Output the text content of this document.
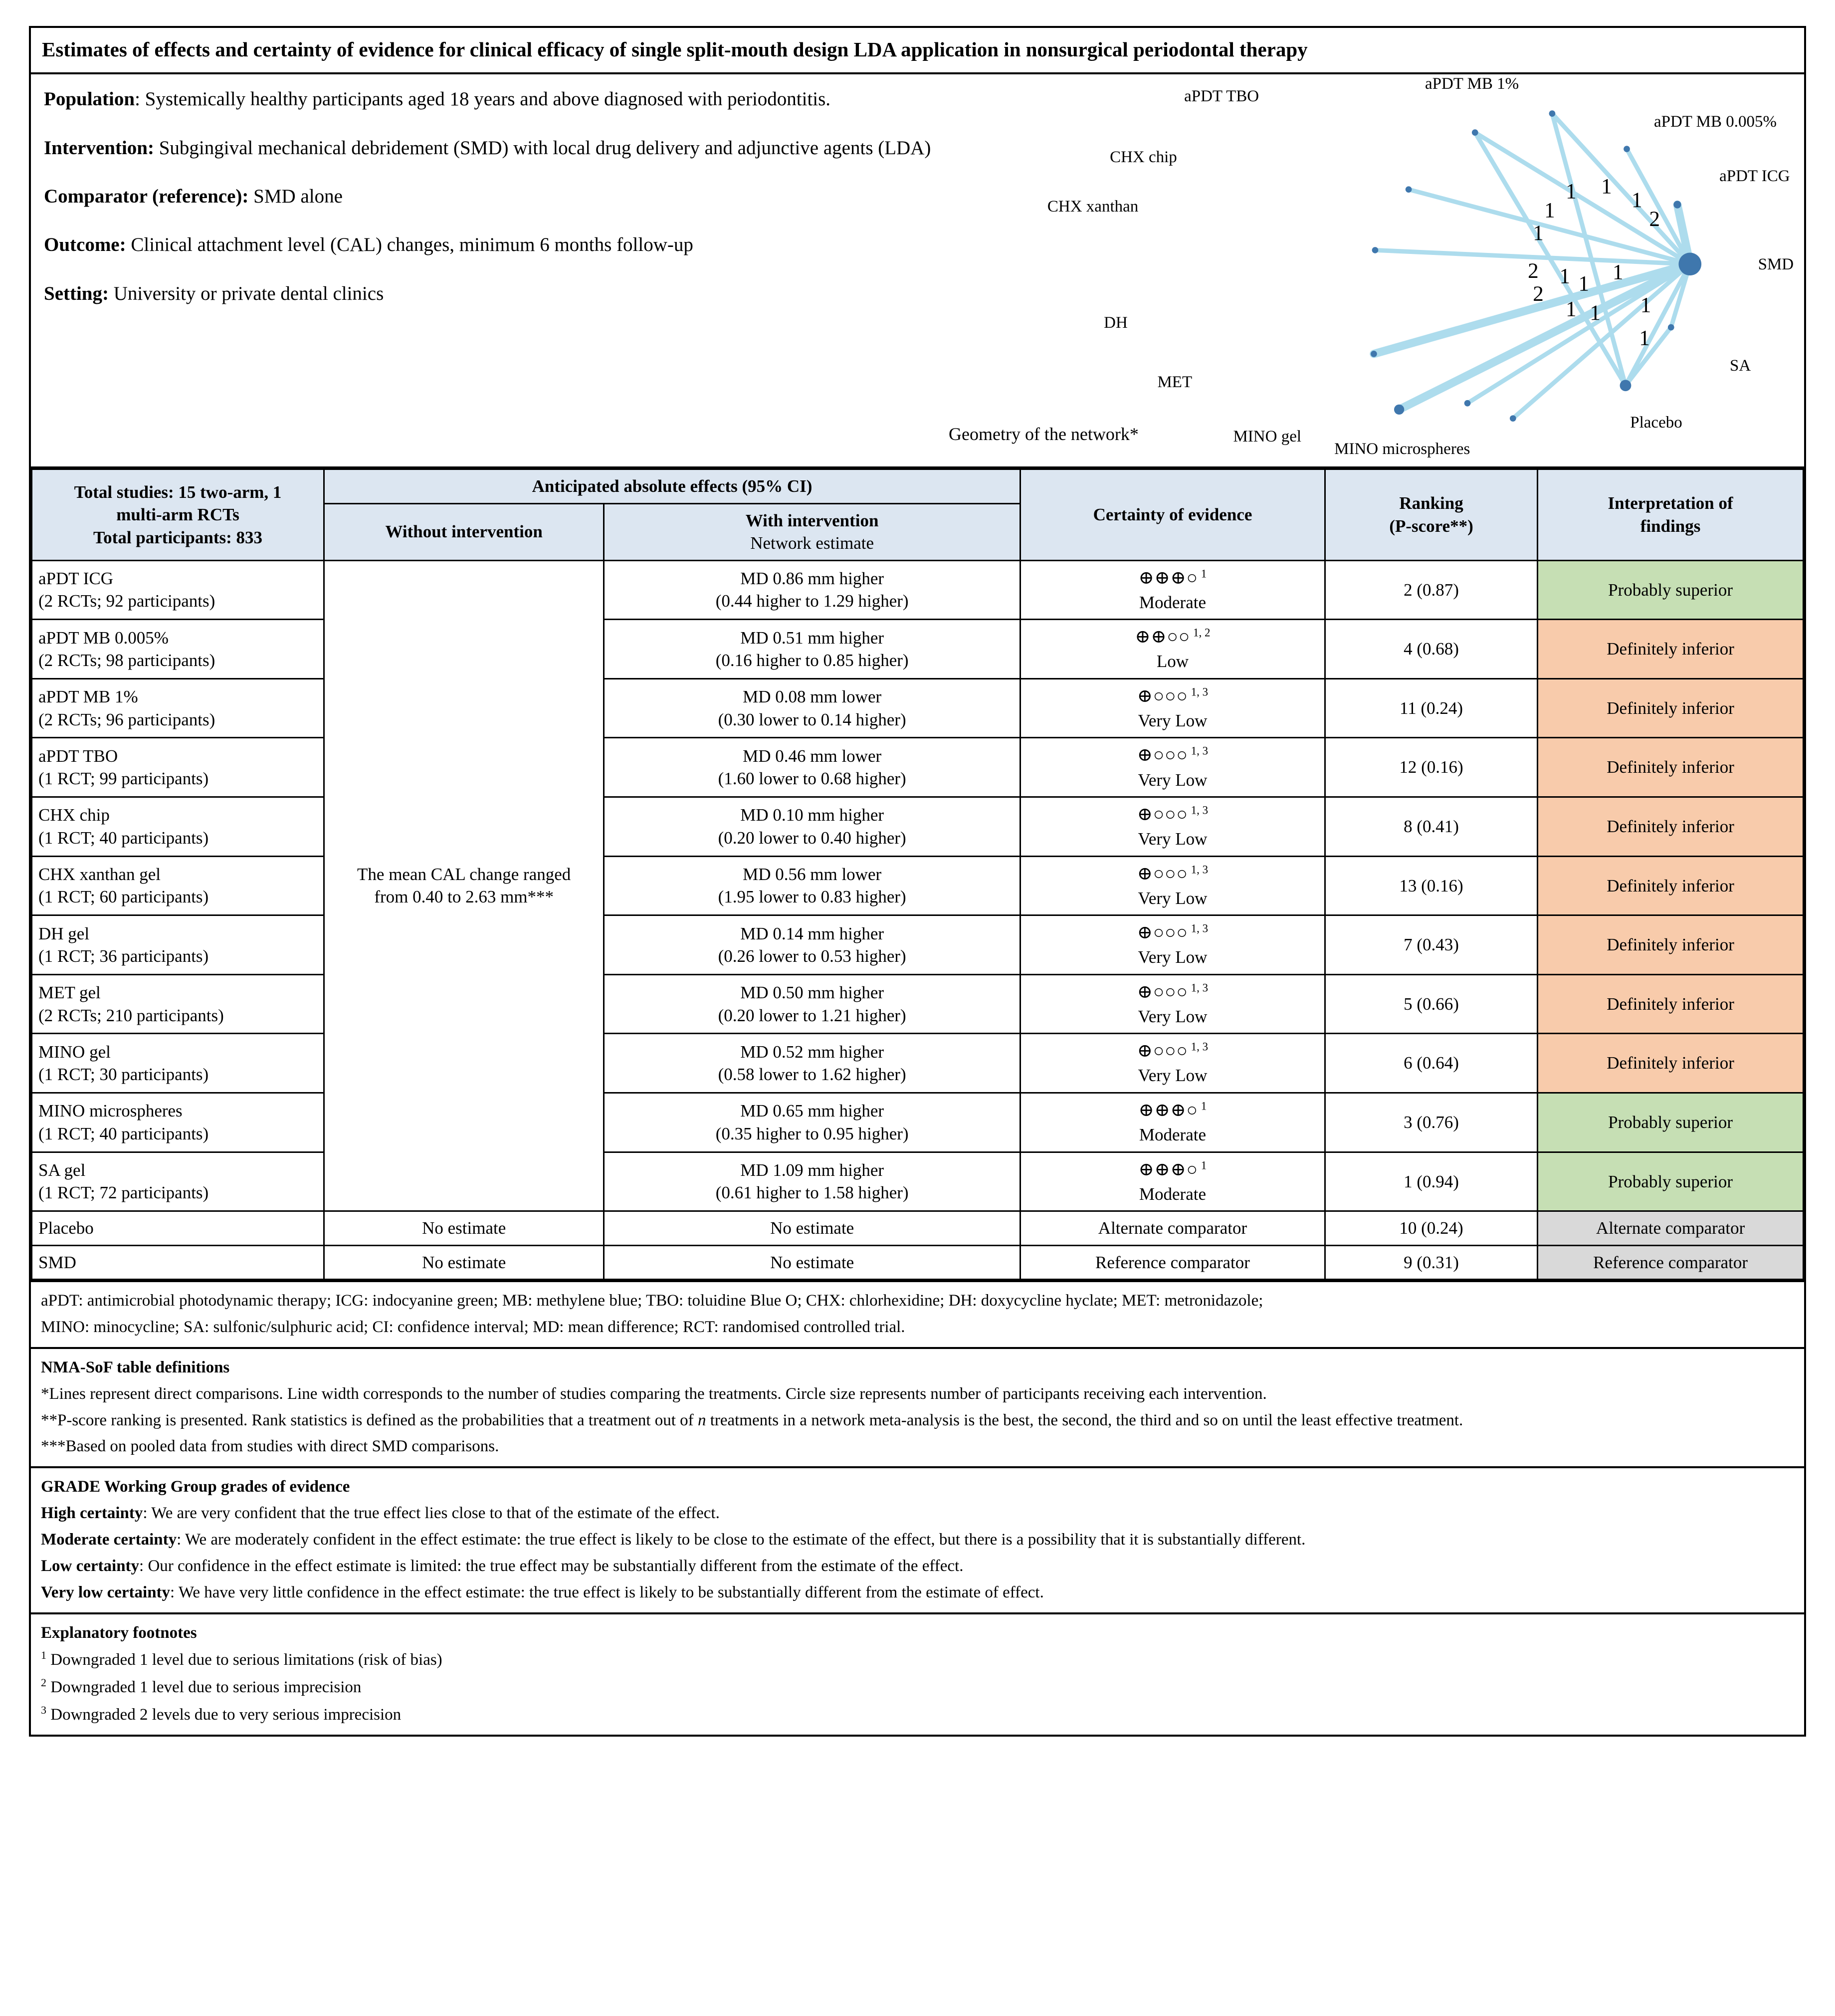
Estimates of effects and certainty of evidence for clinical efficacy of single split-mouth design LDA application in nonsurgical periodontal therapy

Population: Systemically healthy participants aged 18 years and above diagnosed with periodontitis.

Intervention: Subgingival mechanical debridement (SMD) with local drug delivery and adjunctive agents (LDA)

Comparator (reference): SMD alone

Outcome: Clinical attachment level (CAL) changes, minimum 6 months follow-up

Setting: University or private dental clinics

1 1
1
2
1
1
2
2
1 1 1
1
1 1
1
aPDT TBO
aPDT MB 1%
aPDT MB 0.005%
aPDT ICG
CHX chip
CHX xanthan
DH
MET
MINO gel
MINO microspheres
Placebo
SA
SMD
Geometry of the network*
Total studies: 15 two-arm, 1
multi-arm RCTs
Total participants: 833	Anticipated absolute effects (95% CI)		Certainty of evidence	Ranking
(P-score**)	Interpretation of
findings

	Without intervention	With intervention
Network estimate			

aPDT ICG
(2 RCTs; 92 participants)	The mean CAL change ranged
from 0.40 to 2.63 mm***	MD 0.86 mm higher
(0.44 higher to 1.29 higher)	⊕⊕⊕○ $^1$
Moderate	2 (0.87)	Probably superior
aPDT MB 0.005%
(2 RCTs; 98 participants)		MD 0.51 mm higher
(0.16 higher to 0.85 higher)	⊕⊕○○ $^{1, 2}$
Low	4 (0.68)	Definitely inferior
aPDT MB 1%
(2 RCTs; 96 participants)		MD 0.08 mm lower
(0.30 lower to 0.14 higher)	⊕○○○ $^{1, 3}$
Very Low	11 (0.24)	Definitely inferior
aPDT TBO
(1 RCT; 99 participants)		MD 0.46 mm lower
(1.60 lower to 0.68 higher)	⊕○○○ $^{1, 3}$
Very Low	12 (0.16)	Definitely inferior
CHX chip
(1 RCT; 40 participants)		MD 0.10 mm higher
(0.20 lower to 0.40 higher)	⊕○○○ $^{1, 3}$
Very Low	8 (0.41)	Definitely inferior
CHX xanthan gel
(1 RCT; 60 participants)		MD 0.56 mm lower
(1.95 lower to 0.83 higher)	⊕○○○ $^{1, 3}$
Very Low	13 (0.16)	Definitely inferior
DH gel
(1 RCT; 36 participants)		MD 0.14 mm higher
(0.26 lower to 0.53 higher)	⊕○○○ $^{1, 3}$
Very Low	7 (0.43)	Definitely inferior
MET gel
(2 RCTs; 210 participants)		MD 0.50 mm higher
(0.20 lower to 1.21 higher)	⊕○○○ $^{1, 3}$
Very Low	5 (0.66)	Definitely inferior
MINO gel
(1 RCT; 30 participants)		MD 0.52 mm higher
(0.58 lower to 1.62 higher)	⊕○○○ $^{1, 3}$
Very Low	6 (0.64)	Definitely inferior
MINO microspheres
(1 RCT; 40 participants)		MD 0.65 mm higher
(0.35 higher to 0.95 higher)	⊕⊕⊕○ $^1$
Moderate	3 (0.76)	Probably superior
SA gel
(1 RCT; 72 participants)		MD 1.09 mm higher
(0.61 higher to 1.58 higher)	⊕⊕⊕○ $^1$
Moderate	1 (0.94)	Probably superior
Placebo	No estimate	No estimate	Alternate comparator	10 (0.24)	Alternate comparator
SMD	No estimate	No estimate	Reference comparator	9 (0.31)	Reference comparator

aPDT: antimicrobial photodynamic therapy; ICG: indocyanine green; MB: methylene blue; TBO: toluidine Blue O; CHX: chlorhexidine; DH: doxycycline hyclate; MET: metronidazole;

MINO: minocycline; SA: sulfonic/sulphuric acid; CI: confidence interval; MD: mean difference; RCT: randomised controlled trial.

NMA-SoF table definitions

*Lines represent direct comparisons. Line width corresponds to the number of studies comparing the treatments. Circle size represents number of participants receiving each intervention.

**P-score ranking is presented. Rank statistics is defined as the probabilities that a treatment out of n treatments in a network meta-analysis is the best, the second, the third and so on until the least effective treatment.

***Based on pooled data from studies with direct SMD comparisons.

GRADE Working Group grades of evidence

High certainty: We are very confident that the true effect lies close to that of the estimate of the effect.

Moderate certainty: We are moderately confident in the effect estimate: the true effect is likely to be close to the estimate of the effect, but there is a possibility that it is substantially different.

Low certainty: Our confidence in the effect estimate is limited: the true effect may be substantially different from the estimate of the effect.

Very low certainty: We have very little confidence in the effect estimate: the true effect is likely to be substantially different from the estimate of effect.

Explanatory footnotes

$^1$ Downgraded 1 level due to serious limitations (risk of bias)

$^2$ Downgraded 1 level due to serious imprecision

$^3$ Downgraded 2 levels due to very serious imprecision
